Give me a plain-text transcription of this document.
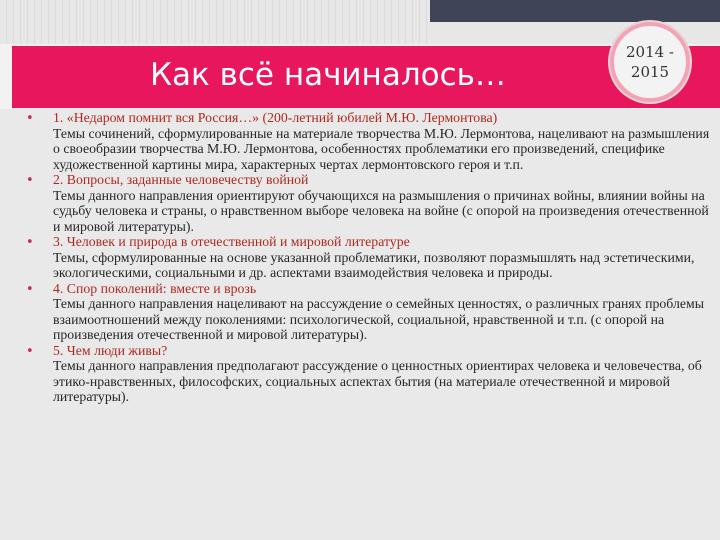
Как всё начиналось…
2014 -
2015
• 1. «Недаром помнит вся Россия…» (200-летний юбилей М.Ю. Лермонтова)

Темы сочинений, сформулированные на материале творчества М.Ю. Лермонтова, нацеливают на размышления о своеобразии творчества М.Ю. Лермонтова, особенностях проблематики его произведений, специфике художественной картины мира, характерных чертах лермонтовского героя и т.п.

• 2. Вопросы, заданные человечеству войной

Темы данного направления ориентируют обучающихся на размышления о причинах войны, влиянии войны на судьбу человека и страны, о нравственном выборе человека на войне (с опорой на произведения отечественной и мировой литературы).

• 3. Человек и природа в отечественной и мировой литературе

Темы, сформулированные на основе указанной проблематики, позволяют поразмышлять над эстетическими, экологическими, социальными и др. аспектами взаимодействия человека и природы.

• 4. Спор поколений: вместе и врозь

Темы данного направления нацеливают на рассуждение о семейных ценностях, о различных гранях проблемы взаимоотношений между поколениями: психологической, социальной, нравственной и т.п. (с опорой на произведения отечественной и мировой литературы).

• 5. Чем люди живы?

Темы данного направления предполагают рассуждение о ценностных ориентирах человека и человечества, об этико-нравственных, философских, социальных аспектах бытия (на материале отечественной и мировой литературы).
